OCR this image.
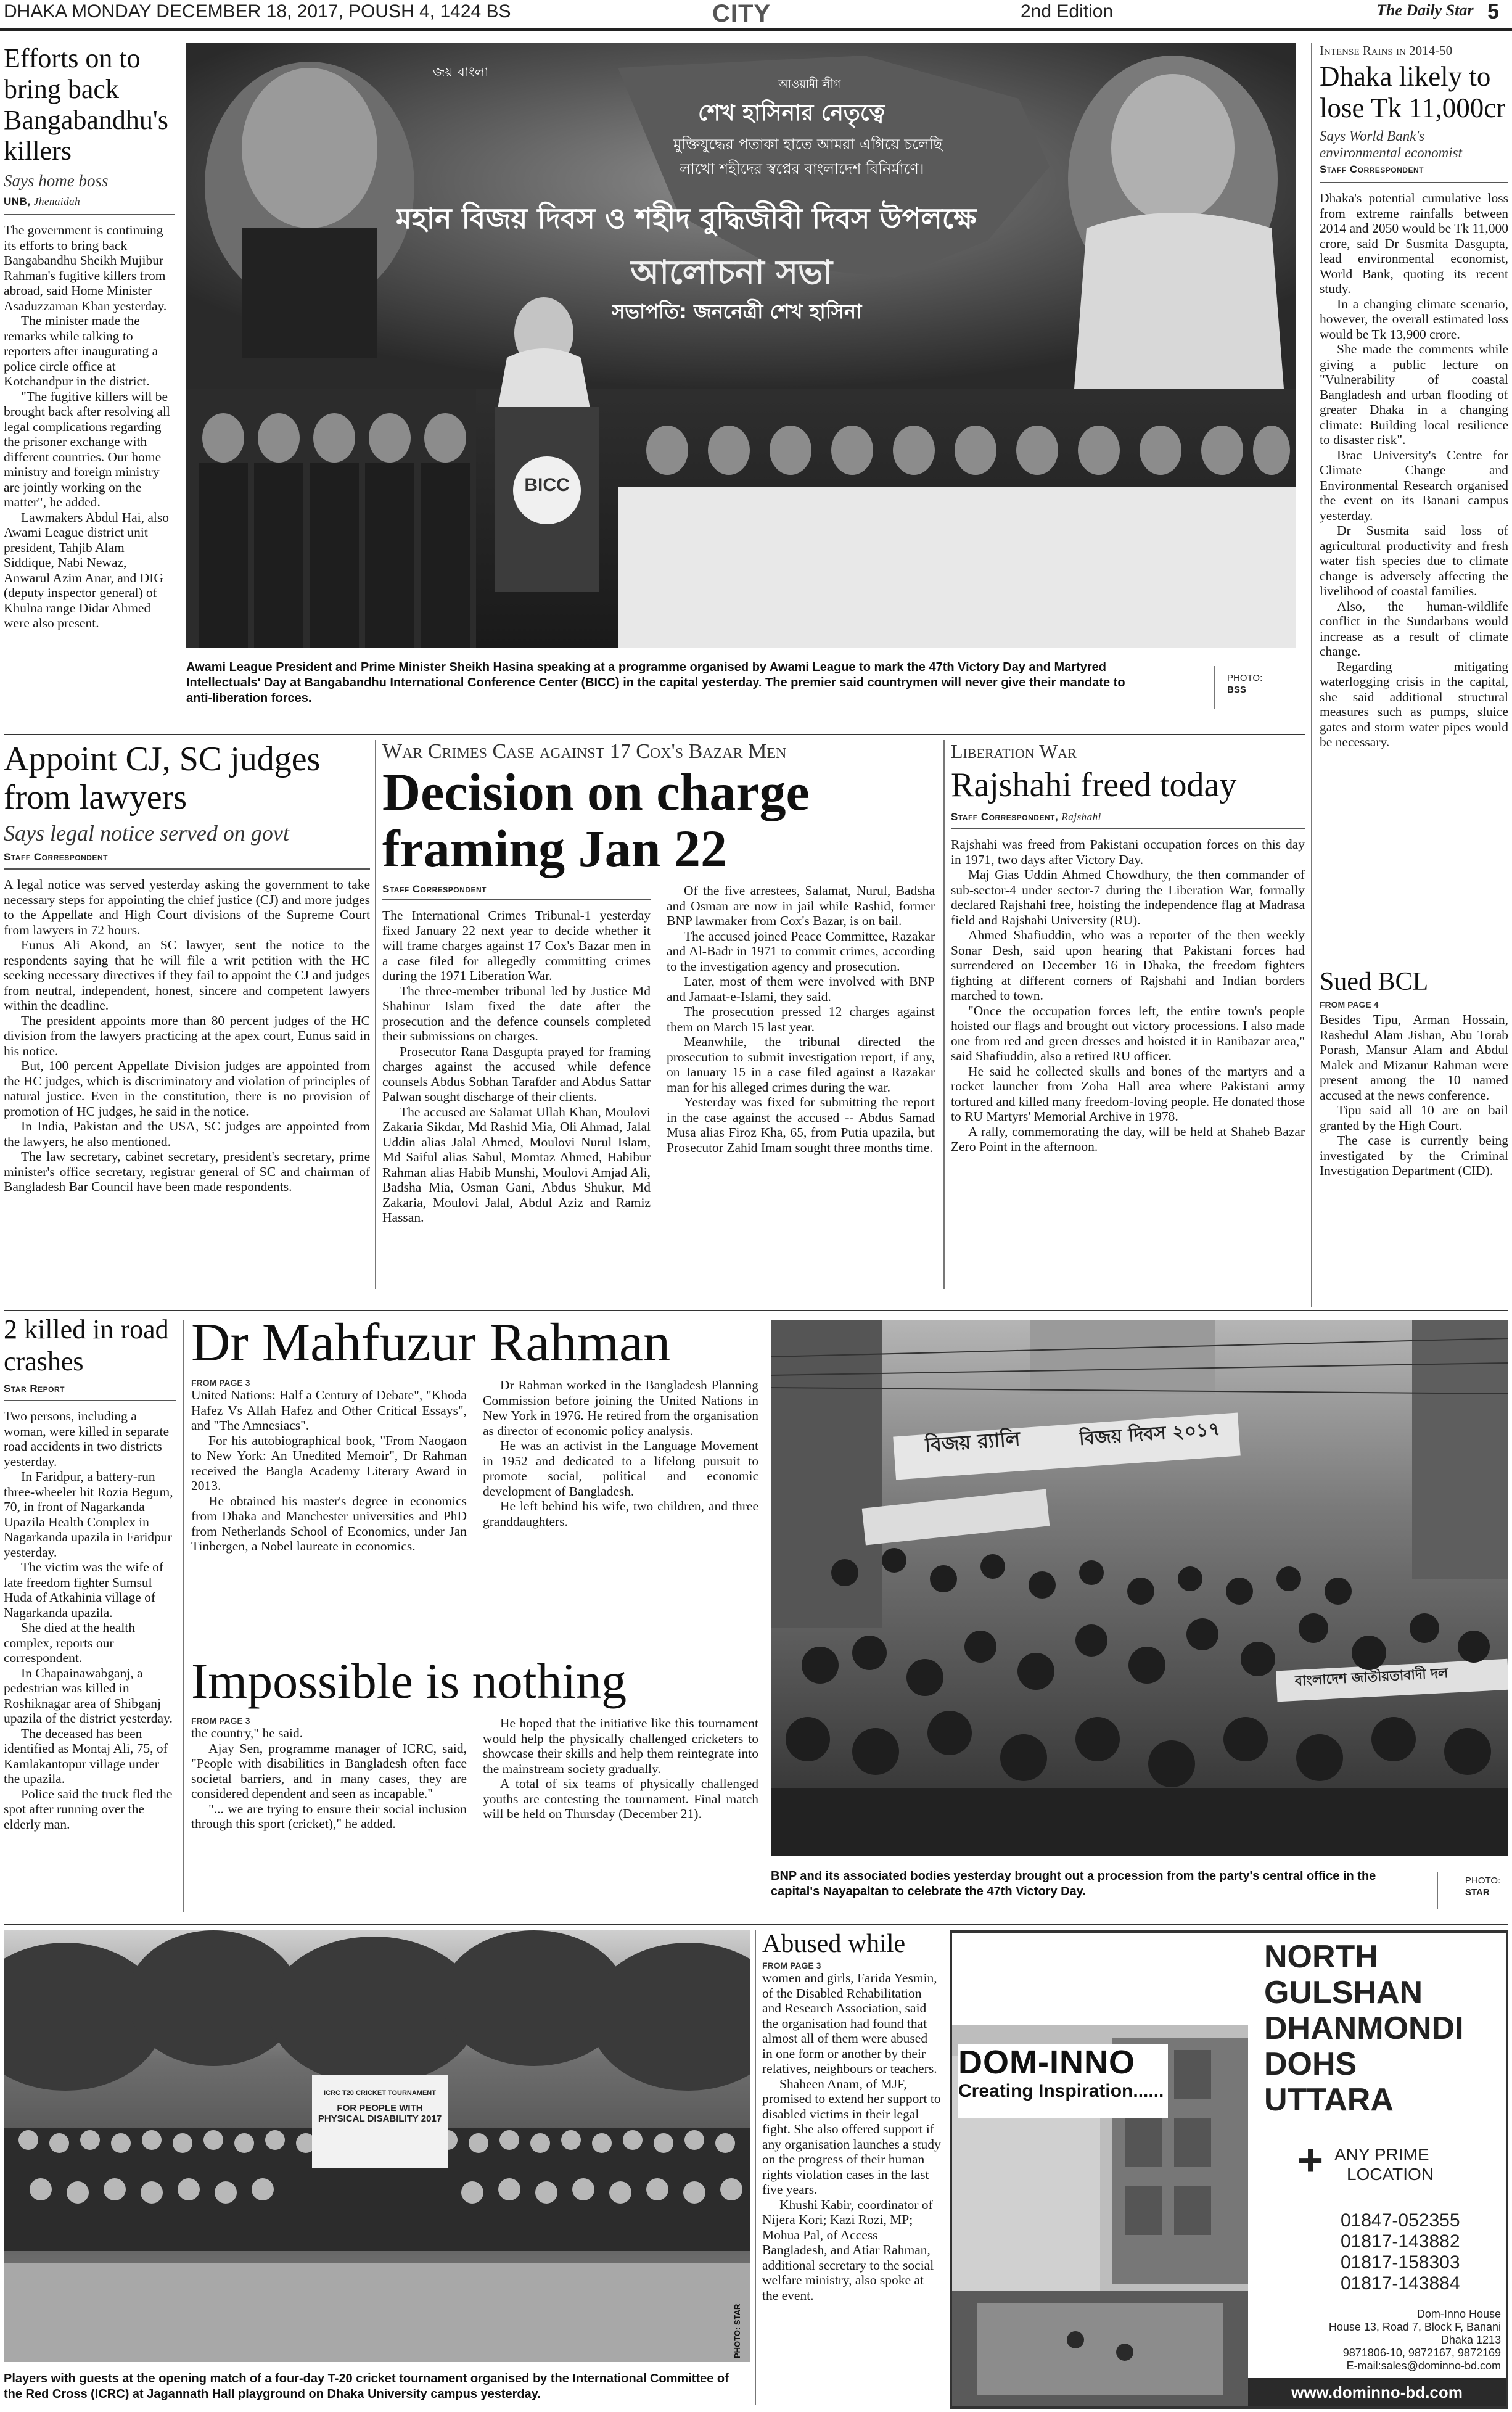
DHAKA MONDAY DECEMBER 18, 2017, POUSH 4, 1424 BS	CITY	2nd Edition	The Daily Star 5
Efforts on to bring back Bangabandhu's killers
Says home boss
UNB, Jhenaidah

The government is continuing its efforts to bring back Bangabandhu Sheikh Mujibur Rahman's fugitive killers from abroad, said Home Minister Asaduzzaman Khan yesterday.

The minister made the remarks while talking to reporters after inaugurating a police circle office at Kotchandpur in the district.

"The fugitive killers will be brought back after resolving all legal complications regarding the prisoner exchange with different countries. Our home ministry and foreign ministry are jointly working on the matter", he added.

Lawmakers Abdul Hai, also Awami League district unit president, Tahjib Alam Siddique, Nabi Newaz, Anwarul Azim Anar, and DIG (deputy inspector general) of Khulna range Didar Ahmed were also present.

জয় বাংলা
আওয়ামী লীগ
শেখ হাসিনার নেতৃত্বে
মুক্তিযুদ্ধের পতাকা হাতে আমরা এগিয়ে চলেছি
লাখো শহীদের স্বপ্নের বাংলাদেশ বিনির্মাণে।
মহান বিজয় দিবস ও শহীদ বুদ্ধিজীবী দিবস উপলক্ষে
আলোচনা সভা
সভাপতি: জননেত্রী শেখ হাসিনা
BICC
Awami League President and Prime Minister Sheikh Hasina speaking at a programme organised by Awami League to mark the 47th Victory Day and Martyred Intellectuals' Day at Bangabandhu International Conference Center (BICC) in the capital yesterday. The premier said countrymen will never give their mandate to anti-liberation forces.
PHOTO:
BSS
Intense Rains in 2014-50
Dhaka likely to lose Tk 11,000cr
Says World Bank's environmental economist
Staff Correspondent

Dhaka's potential cumulative loss from extreme rainfalls between 2014 and 2050 would be Tk 11,000 crore, said Dr Susmita Dasgupta, lead environmental economist, World Bank, quoting its recent study.

In a changing climate scenario, however, the overall estimated loss would be Tk 13,900 crore.

She made the comments while giving a public lecture on "Vulnerability of coastal Bangladesh and urban flooding of greater Dhaka in a changing climate: Building local resilience to disaster risk".

Brac University's Centre for Climate Change and Environmental Research organised the event on its Banani campus yesterday.

Dr Susmita said loss of agricultural productivity and fresh water fish species due to climate change is adversely affecting the livelihood of coastal families.

Also, the human-wildlife conflict in the Sundarbans would increase as a result of climate change.

Regarding mitigating waterlogging crisis in the capital, she said additional structural measures such as pumps, sluice gates and storm water pipes would be necessary.

Sued BCL
FROM PAGE 4

Besides Tipu, Arman Hossain, Rashedul Alam Jishan, Abu Torab Porash, Mansur Alam and Abdul Malek and Mizanur Rahman were present among the 10 named accused at the news conference.

Tipu said all 10 are on bail granted by the High Court.

The case is currently being investigated by the Criminal Investigation Department (CID).

Appoint CJ, SC judges from lawyers
Says legal notice served on govt
Staff Correspondent

A legal notice was served yesterday asking the government to take necessary steps for appointing the chief justice (CJ) and more judges to the Appellate and High Court divisions of the Supreme Court from lawyers in 72 hours.

Eunus Ali Akond, an SC lawyer, sent the notice to the respondents saying that he will file a writ petition with the HC seeking necessary directives if they fail to appoint the CJ and judges from neutral, independent, honest, sincere and competent lawyers within the deadline.

The president appoints more than 80 percent judges of the HC division from the lawyers practicing at the apex court, Eunus said in his notice.

But, 100 percent Appellate Division judges are appointed from the HC judges, which is discriminatory and violation of principles of natural justice. Even in the constitution, there is no provision of promotion of HC judges, he said in the notice.

In India, Pakistan and the USA, SC judges are appointed from the lawyers, he also mentioned.

The law secretary, cabinet secretary, president's secretary, prime minister's office secretary, registrar general of SC and chairman of Bangladesh Bar Council have been made respondents.

War Crimes Case against 17 Cox's Bazar Men
Decision on charge framing Jan 22
Staff Correspondent

The International Crimes Tribunal-1 yesterday fixed January 22 next year to decide whether it will frame charges against 17 Cox's Bazar men in a case filed for allegedly committing crimes during the 1971 Liberation War.

The three-member tribunal led by Justice Md Shahinur Islam fixed the date after the prosecution and the defence counsels completed their submissions on charges.

Prosecutor Rana Dasgupta prayed for framing charges against the accused while defence counsels Abdus Sobhan Tarafder and Abdus Sattar Palwan sought discharge of their clients.

The accused are Salamat Ullah Khan, Moulovi Zakaria Sikdar, Md Rashid Mia, Oli Ahmad, Jalal Uddin alias Jalal Ahmed, Moulovi Nurul Islam, Md Saiful alias Sabul, Momtaz Ahmed, Habibur Rahman alias Habib Munshi, Moulovi Amjad Ali, Badsha Mia, Osman Gani, Abdus Shukur, Md Zakaria, Moulovi Jalal, Abdul Aziz and Ramiz Hassan.

Of the five arrestees, Salamat, Nurul, Badsha and Osman are now in jail while Rashid, former BNP lawmaker from Cox's Bazar, is on bail.

The accused joined Peace Committee, Razakar and Al-Badr in 1971 to commit crimes, according to the investigation agency and prosecution.

Later, most of them were involved with BNP and Jamaat-e-Islami, they said.

The prosecution pressed 12 charges against them on March 15 last year.

Meanwhile, the tribunal directed the prosecution to submit investigation report, if any, on January 15 in a case filed against a Razakar man for his alleged crimes during the war.

Yesterday was fixed for submitting the report in the case against the accused -- Abdus Samad Musa alias Firoz Kha, 65, from Putia upazila, but Prosecutor Zahid Imam sought three months time.

Liberation War
Rajshahi freed today
Staff Correspondent, Rajshahi

Rajshahi was freed from Pakistani occupation forces on this day in 1971, two days after Victory Day.

Maj Gias Uddin Ahmed Chowdhury, the then commander of sub-sector-4 under sector-7 during the Liberation War, formally declared Rajshahi free, hoisting the independence flag at Madrasa field and Rajshahi University (RU).

Ahmed Shafiuddin, who was a reporter of the then weekly Sonar Desh, said upon hearing that Pakistani forces had surrendered on December 16 in Dhaka, the freedom fighters fighting at different corners of Rajshahi and Indian borders marched to town.

"Once the occupation forces left, the entire town's people hoisted our flags and brought out victory processions. I also made one from red and green dresses and hoisted it in Ranibazar area," said Shafiuddin, also a retired RU officer.

He said he collected skulls and bones of the martyrs and a rocket launcher from Zoha Hall area where Pakistani army tortured and killed many freedom-loving people. He donated those to RU Martyrs' Memorial Archive in 1978.

A rally, commemorating the day, will be held at Shaheb Bazar Zero Point in the afternoon.

2 killed in road crashes
Star Report

Two persons, including a woman, were killed in separate road accidents in two districts yesterday.

In Faridpur, a battery-run three-wheeler hit Rozia Begum, 70, in front of Nagarkanda Upazila Health Complex in Nagarkanda upazila in Faridpur yesterday.

The victim was the wife of late freedom fighter Sumsul Huda of Atkahinia village of Nagarkanda upazila.

She died at the health complex, reports our correspondent.

In Chapainawabganj, a pedestrian was killed in Roshiknagar area of Shibganj upazila of the district yesterday.

The deceased has been identified as Montaj Ali, 75, of Kamlakantopur village under the upazila.

Police said the truck fled the spot after running over the elderly man.

Dr Mahfuzur Rahman
FROM PAGE 3

United Nations: Half a Century of Debate", "Khoda Hafez Vs Allah Hafez and Other Critical Essays", and "The Amnesiacs".

For his autobiographical book, "From Naogaon to New York: An Unedited Memoir", Dr Rahman received the Bangla Academy Literary Award in 2013.

He obtained his master's degree in economics from Dhaka and Manchester universities and PhD from Netherlands School of Economics, under Jan Tinbergen, a Nobel laureate in economics.

Dr Rahman worked in the Bangladesh Planning Commission before joining the United Nations in New York in 1976. He retired from the organisation as director of economic policy analysis.

He was an activist in the Language Movement in 1952 and dedicated to a lifelong pursuit to promote social, political and economic development of Bangladesh.

He left behind his wife, two children, and three granddaughters.

Impossible is nothing
FROM PAGE 3

the country," he said.

Ajay Sen, programme manager of ICRC, said, "People with disabilities in Bangladesh often face societal barriers, and in many cases, they are considered dependent and seen as incapable."

"... we are trying to ensure their social inclusion through this sport (cricket)," he added.

He hoped that the initiative like this tournament would help the physically challenged cricketers to showcase their skills and help them reintegrate into the mainstream society gradually.

A total of six teams of physically challenged youths are contesting the tournament. Final match will be held on Thursday (December 21).

বিজয় র‍্যালি	বিজয় দিবস ২০১৭
বাংলাদেশ জাতীয়তাবাদী দল
BNP and its associated bodies yesterday brought out a procession from the party's central office in the capital's Nayapaltan to celebrate the 47th Victory Day.
PHOTO:
STAR
ICRC T20 CRICKET TOURNAMENT
FOR PEOPLE WITH
PHYSICAL DISABILITY 2017
PHOTO: STAR
Players with guests at the opening match of a four-day T-20 cricket tournament organised by the International Committee of the Red Cross (ICRC) at Jagannath Hall playground on Dhaka University campus yesterday.
Abused while
FROM PAGE 3

women and girls, Farida Yesmin, of the Disabled Rehabilitation and Research Association, said the organisation had found that almost all of them were abused in one form or another by their relatives, neighbours or teachers.

Shaheen Anam, of MJF, promised to extend her support to disabled victims in their legal fight. She also offered support if any organisation launches a study on the progress of their human rights violation cases in the last five years.

Khushi Kabir, coordinator of Nijera Kori; Kazi Rozi, MP; Mohua Pal, of Access Bangladesh, and Atiar Rahman, additional secretary to the social welfare ministry, also spoke at the event.

DOM-INNO
Creating Inspiration......
NORTH
GULSHAN
DHANMONDI
DOHS
UTTARA
+ ANY PRIME
LOCATION
01847-052355
01817-143882
01817-158303
01817-143884
Dom-Inno House
House 13, Road 7, Block F, Banani
Dhaka 1213
9871806-10, 9872167, 9872169
E-mail:sales@dominno-bd.com
www.dominno-bd.com
